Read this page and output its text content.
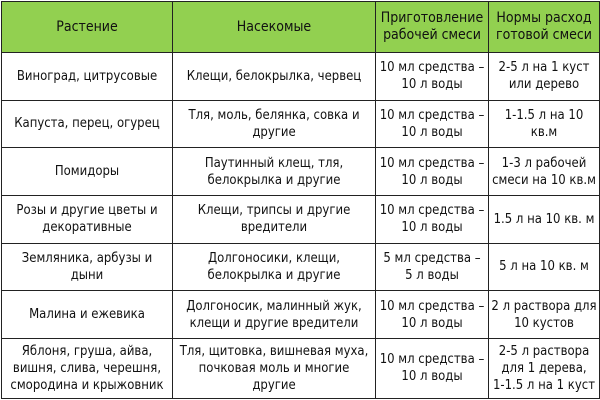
Растение	Насекомые	Приготовление
рабочей смеси	Нормы расход
готовой смеси

Виноград, цитрусовые	Клещи, белокрылка, червец	10 мл средства –
10 л воды	2-5 л на 1 куст
или дерево

Капуста, перец, огурец	Тля, моль, белянка, совка и
другие	10 мл средства –
10 л воды	1-1.5 л на 10
кв.м

Помидоры	Паутинный клещ, тля,
белокрылка и другие	10 мл средства –
10 л воды	1-3 л рабочей
смеси на 10 кв.м

Розы и другие цветы и
декоративные	Клещи, трипсы и другие
вредители	10 мл средства –
10 л воды	1.5 л на 10 кв. м

Земляника, арбузы и
дыни	Долгоносики, клещи,
белокрылка и другие	5 мл средства –
5 л воды	5 л на 10 кв. м

Малина и ежевика	Долгоносик, малинный жук,
клещи и другие вредители	10 мл средства –
10 л воды	2 л раствора для
10 кустов

Яблоня, груша, айва,
вишня, слива, черешня,
смородина и крыжовник	Тля, щитовка, вишневая муха,
почковая моль и многие
другие	10 мл средства –
10 л воды	2-5 л раствора
для 1 дерева,
1-1.5 л на 1 куст
